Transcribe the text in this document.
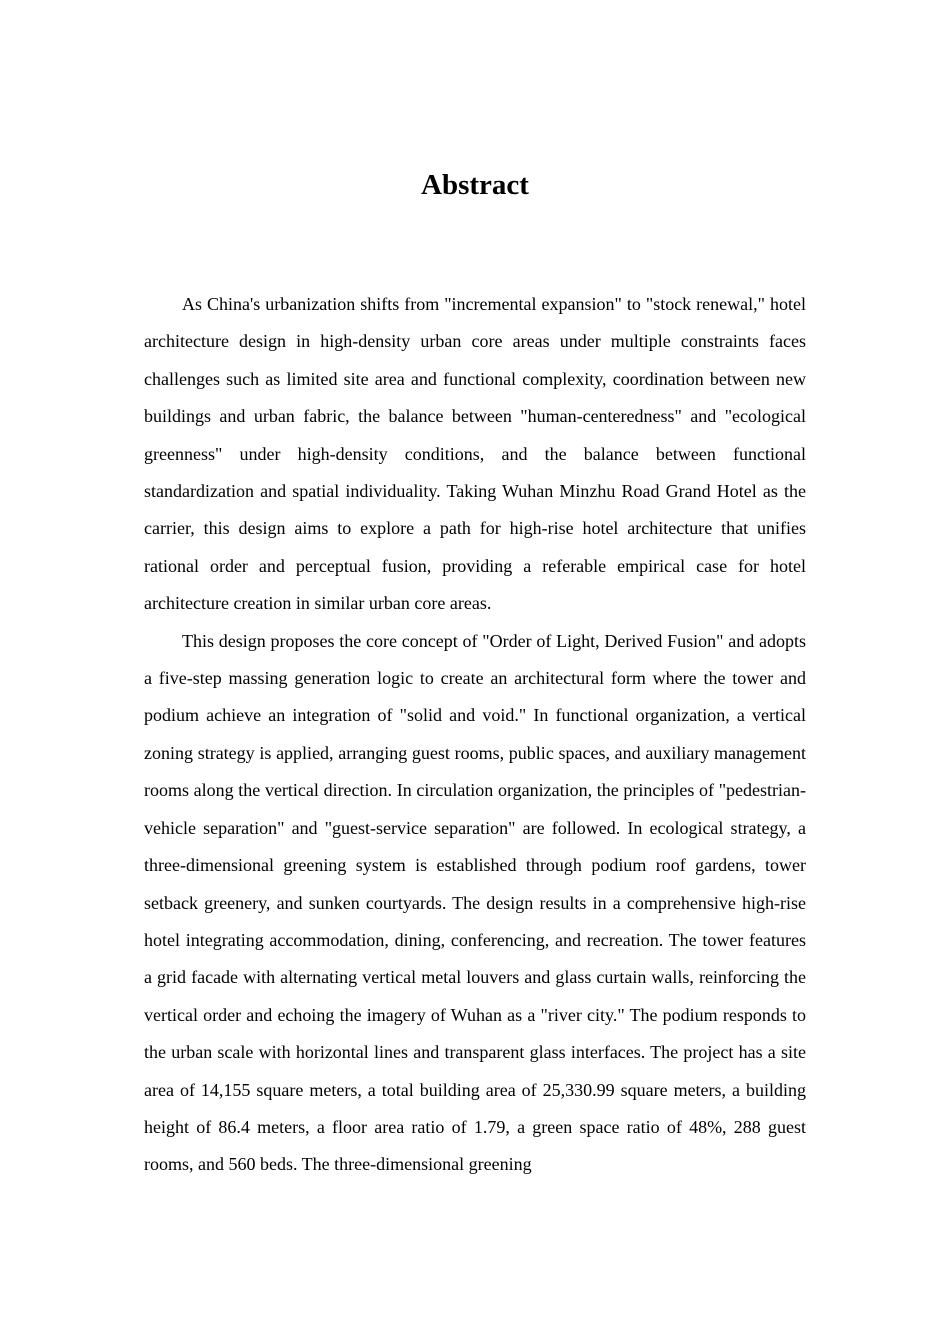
Abstract

As China's urbanization shifts from "incremental expansion" to "stock renewal," hotel architecture design in high-density urban core areas under multiple constraints faces challenges such as limited site area and functional complexity, coordination between new buildings and urban fabric, the balance between "human-centeredness" and "ecological greenness" under high-density conditions, and the balance between functional standardization and spatial individuality. Taking Wuhan Minzhu Road Grand Hotel as the carrier, this design aims to explore a path for high-rise hotel architecture that unifies rational order and perceptual fusion, providing a referable empirical case for hotel architecture creation in similar urban core areas.

This design proposes the core concept of "Order of Light, Derived Fusion" and adopts a five-step massing generation logic to create an architectural form where the tower and podium achieve an integration of "solid and void." In functional organization, a vertical zoning strategy is applied, arranging guest rooms, public spaces, and auxiliary management rooms along the vertical direction. In circulation organization, the principles of "pedestrian-vehicle separation" and "guest-service separation" are followed. In ecological strategy, a three-dimensional greening system is established through podium roof gardens, tower setback greenery, and sunken courtyards. The design results in a comprehensive high-rise hotel integrating accommodation, dining, conferencing, and recreation. The tower features a grid facade with alternating vertical metal louvers and glass curtain walls, reinforcing the vertical order and echoing the imagery of Wuhan as a "river city." The podium responds to the urban scale with horizontal lines and transparent glass interfaces. The project has a site area of 14,155 square meters, a total building area of 25,330.99 square meters, a building height of 86.4 meters, a floor area ratio of 1.79, a green space ratio of 48%, 288 guest rooms, and 560 beds. The three-dimensional greening
